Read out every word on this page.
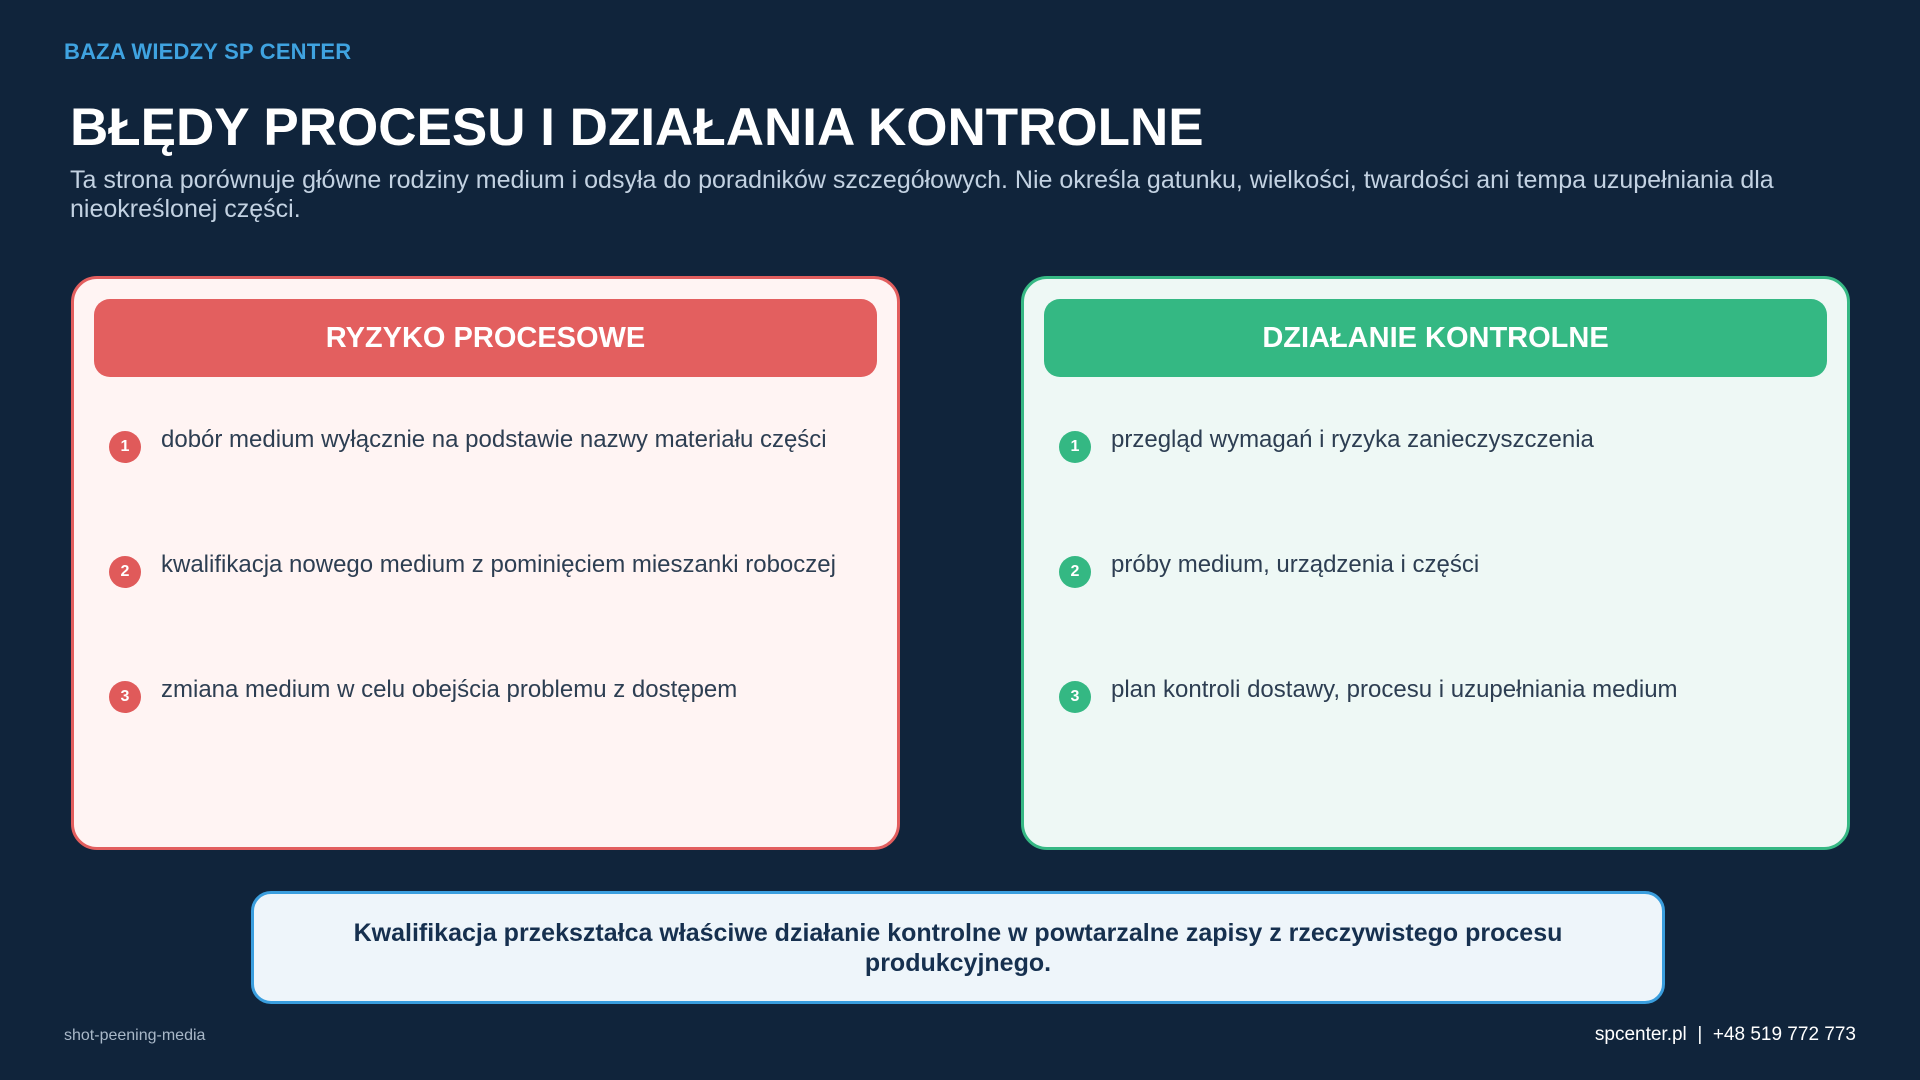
BAZA WIEDZY SP CENTER
BŁĘDY PROCESU I DZIAŁANIA KONTROLNE

Ta strona porównuje główne rodziny medium i odsyła do poradników szczegółowych. Nie określa gatunku, wielkości, twardości ani tempa uzupełniania dla nieokreślonej części.

RYZYKO PROCESOWE
1	dobór medium wyłącznie na podstawie nazwy materiału części
2	kwalifikacja nowego medium z pominięciem mieszanki roboczej
3	zmiana medium w celu obejścia problemu z dostępem
DZIAŁANIE KONTROLNE
1	przegląd wymagań i ryzyka zanieczyszczenia
2	próby medium, urządzenia i części
3	plan kontroli dostawy, procesu i uzupełniania medium
Kwalifikacja przekształca właściwe działanie kontrolne w powtarzalne zapisy z rzeczywistego procesu produkcyjnego.
shot-peening-media	spcenter.pl  |  +48 519 772 773
